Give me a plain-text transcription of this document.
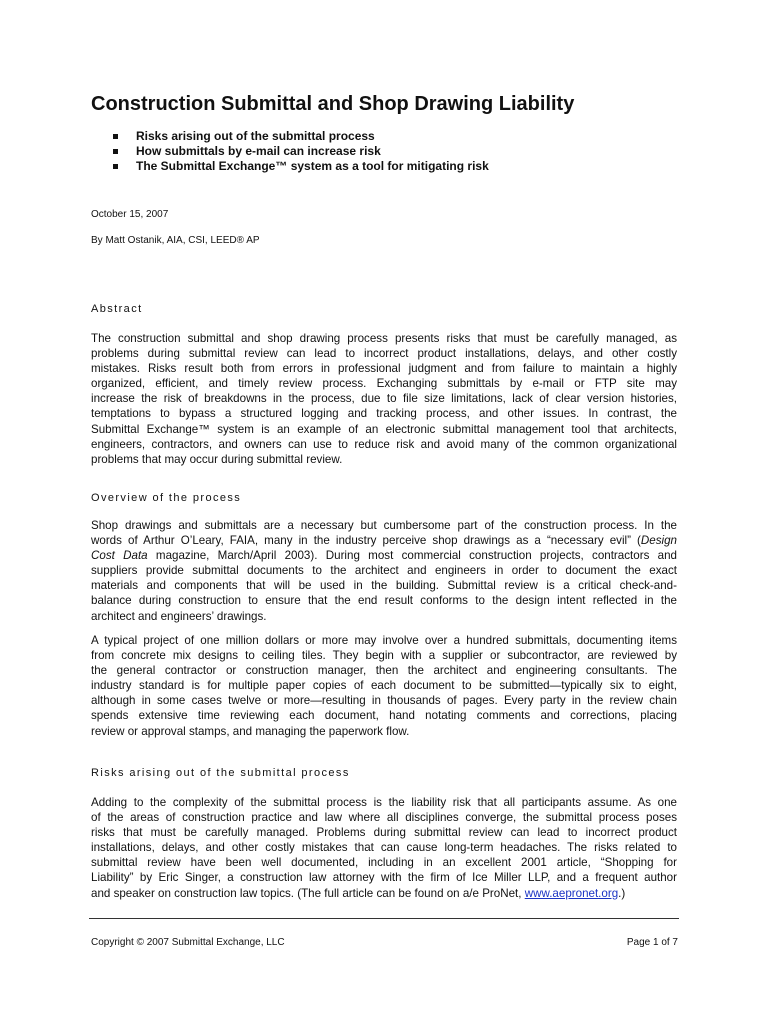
Construction Submittal and Shop Drawing Liability
Risks arising out of the submittal process
How submittals by e-mail can increase risk
The Submittal Exchange™ system as a tool for mitigating risk
October 15, 2007
By Matt Ostanik, AIA, CSI, LEED® AP
Abstract
The construction submittal and shop drawing process presents risks that must be carefully managed, as
problems during submittal review can lead to incorrect product installations, delays, and other costly
mistakes. Risks result both from errors in professional judgment and from failure to maintain a highly
organized, efficient, and timely review process. Exchanging submittals by e-mail or FTP site may
increase the risk of breakdowns in the process, due to file size limitations, lack of clear version histories,
temptations to bypass a structured logging and tracking process, and other issues. In contrast, the
Submittal Exchange™ system is an example of an electronic submittal management tool that architects,
engineers, contractors, and owners can use to reduce risk and avoid many of the common organizational
problems that may occur during submittal review.
Overview of the process
Shop drawings and submittals are a necessary but cumbersome part of the construction process. In the
words of Arthur O’Leary, FAIA, many in the industry perceive shop drawings as a “necessary evil” (Design
Cost Data magazine, March/April 2003). During most commercial construction projects, contractors and
suppliers provide submittal documents to the architect and engineers in order to document the exact
materials and components that will be used in the building. Submittal review is a critical check-and-
balance during construction to ensure that the end result conforms to the design intent reflected in the
architect and engineers’ drawings.
A typical project of one million dollars or more may involve over a hundred submittals, documenting items
from concrete mix designs to ceiling tiles. They begin with a supplier or subcontractor, are reviewed by
the general contractor or construction manager, then the architect and engineering consultants. The
industry standard is for multiple paper copies of each document to be submitted—typically six to eight,
although in some cases twelve or more—resulting in thousands of pages. Every party in the review chain
spends extensive time reviewing each document, hand notating comments and corrections, placing
review or approval stamps, and managing the paperwork flow.
Risks arising out of the submittal process
Adding to the complexity of the submittal process is the liability risk that all participants assume. As one
of the areas of construction practice and law where all disciplines converge, the submittal process poses
risks that must be carefully managed. Problems during submittal review can lead to incorrect product
installations, delays, and other costly mistakes that can cause long-term headaches. The risks related to
submittal review have been well documented, including in an excellent 2001 article, “Shopping for
Liability” by Eric Singer, a construction law attorney with the firm of Ice Miller LLP, and a frequent author
and speaker on construction law topics. (The full article can be found on a/e ProNet, www.aepronet.org.)
Copyright © 2007 Submittal Exchange, LLC	Page 1 of 7
